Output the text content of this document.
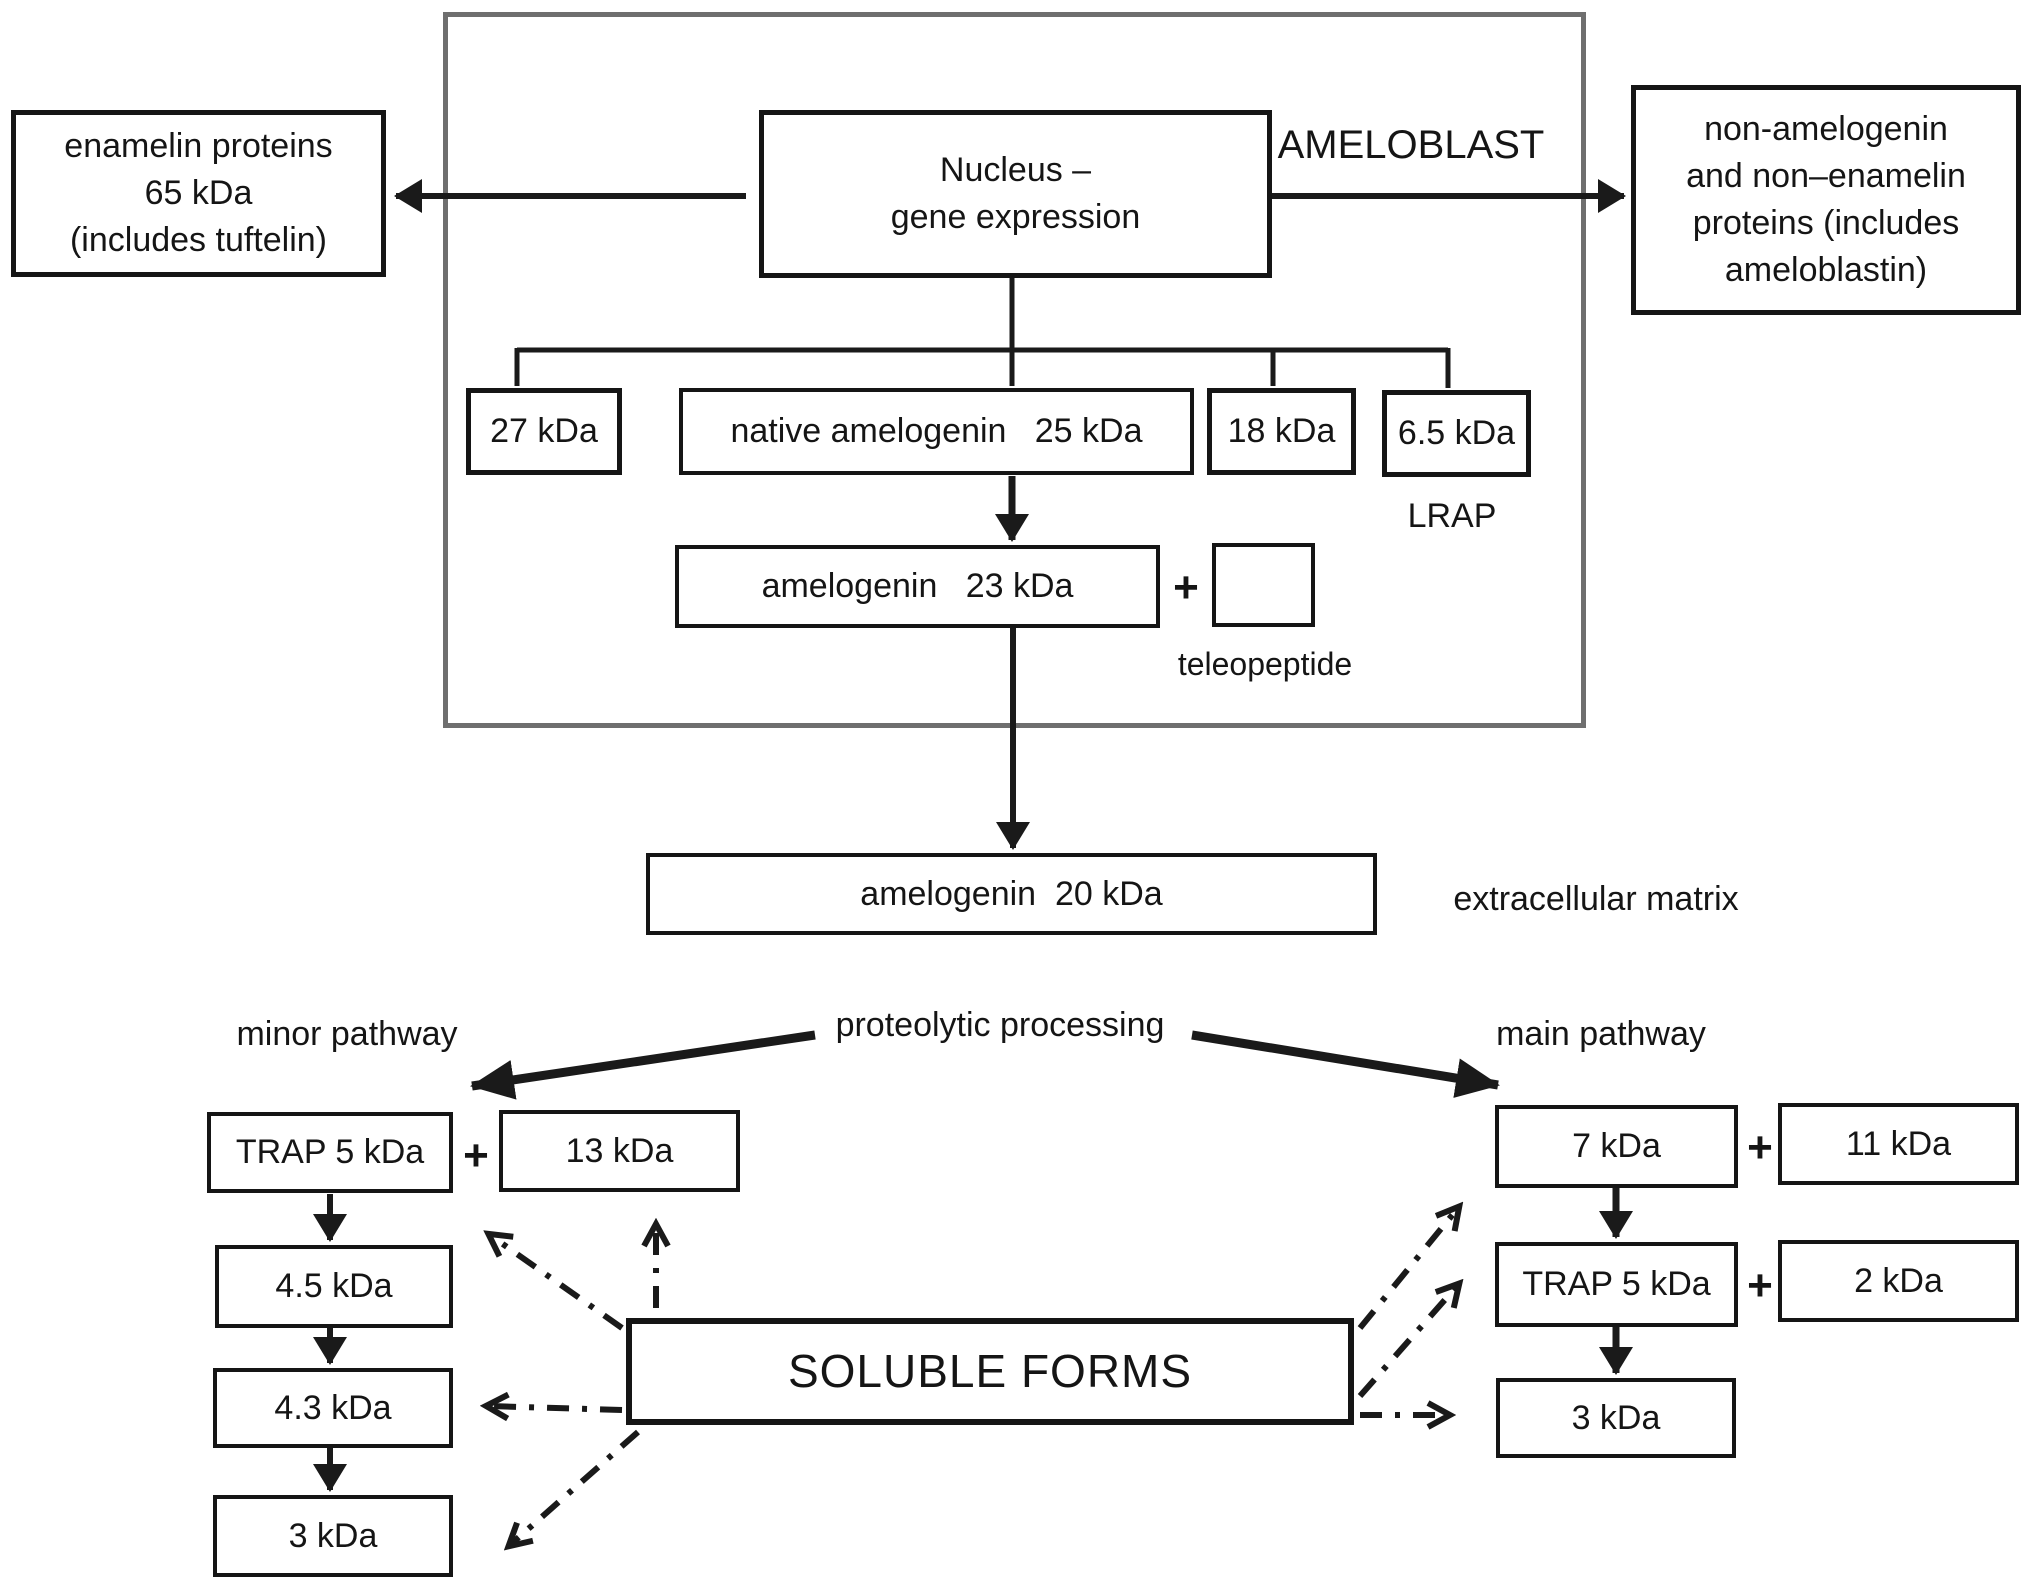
enamelin proteins
65 kDa
(includes tuftelin)
Nucleus –
gene expression
AMELOBLAST	non-amelogenin
and non–enamelin
proteins (includes
ameloblastin)
27 kDa	native amelogenin   25 kDa	18 kDa 6.5 kDa
LRAP
amelogenin   23 kDa +
teleopeptide
amelogenin  20 kDa	extracellular matrix
minor pathway	proteolytic processing	main pathway
TRAP 5 kDa +	13 kDa
4.5 kDa
4.3 kDa
3 kDa
SOLUBLE FORMS
7 kDa +	11 kDa
TRAP 5 kDa +	2 kDa
3 kDa
